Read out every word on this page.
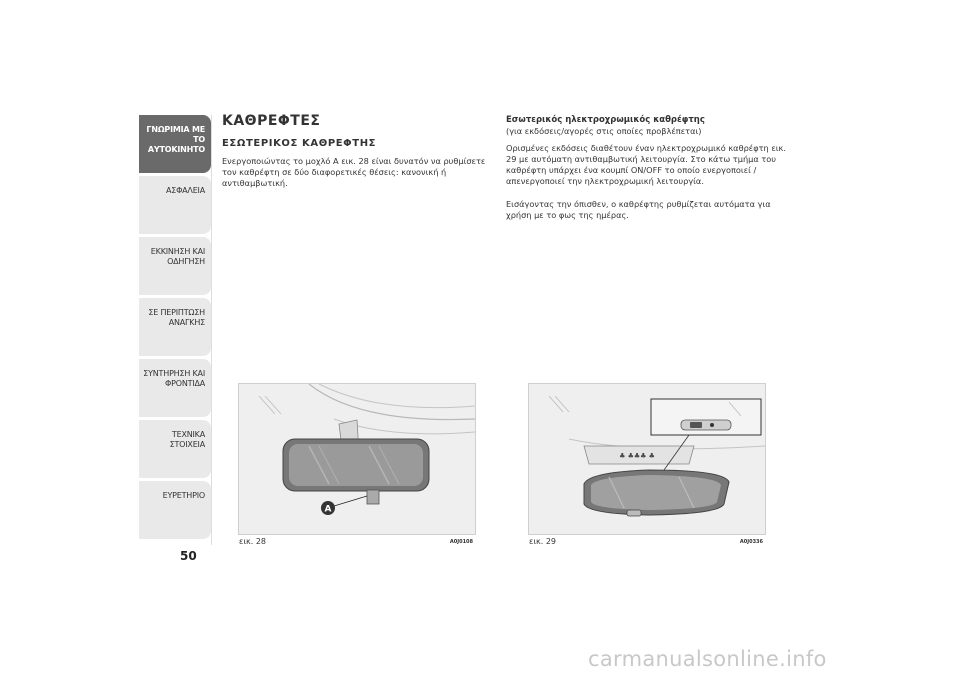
ΓΝΩΡΙΜΙΑ ΜΕ ΤΟ
ΑΥΤΟΚΙΝΗΤΟ
ΑΣΦΑΛΕΙΑ

ΕΚΚΙΝΗΣΗ ΚΑΙ
ΟΔΗΓΗΣΗ
ΣΕ ΠΕΡΙΠΤΩΣΗ
ΑΝΑΓΚΗΣ
ΣΥΝΤΗΡΗΣΗ ΚΑΙ
ΦΡΟΝΤΙΔΑ
ΤΕΧΝΙΚΑ ΣΤΟΙΧΕΙΑ

ΕΥΡΕΤΗΡΙΟ

50
ΚΑΘΡΕΦΤΕΣ
ΕΣΩΤΕΡΙΚΟΣ ΚΑΘΡΕΦΤΗΣ
Ενεργοποιώντας το μοχλό A εικ. 28 είναι δυνατόν να ρυθμίσετε τον καθρέφτη σε δύο διαφορετικές θέσεις: κανονική ή αντιθαμβωτική.
Εσωτερικός ηλεκτροχρωμικός καθρέφτης
(για εκδόσεις/αγορές στις οποίες προβλέπεται)
Ορισμένες εκδόσεις διαθέτουν έναν ηλεκτροχρωμικό καθρέφτη εικ. 29 με αυτόματη αντιθαμβωτική λειτουργία. Στο κάτω τμήμα του καθρέφτη υπάρχει ένα κουμπί ON/OFF το οποίο ενεργοποιεί / απενεργοποιεί την ηλεκτροχρωμική λειτουργία.
Εισάγοντας την όπισθεν, ο καθρέφτης ρυθμίζεται αυτόματα για χρήση με το φως της ημέρας.
A
εικ. 28	A0J0108
♣ ♣♣♣ ♣
εικ. 29	A0J0336
carmanualsonline.info
